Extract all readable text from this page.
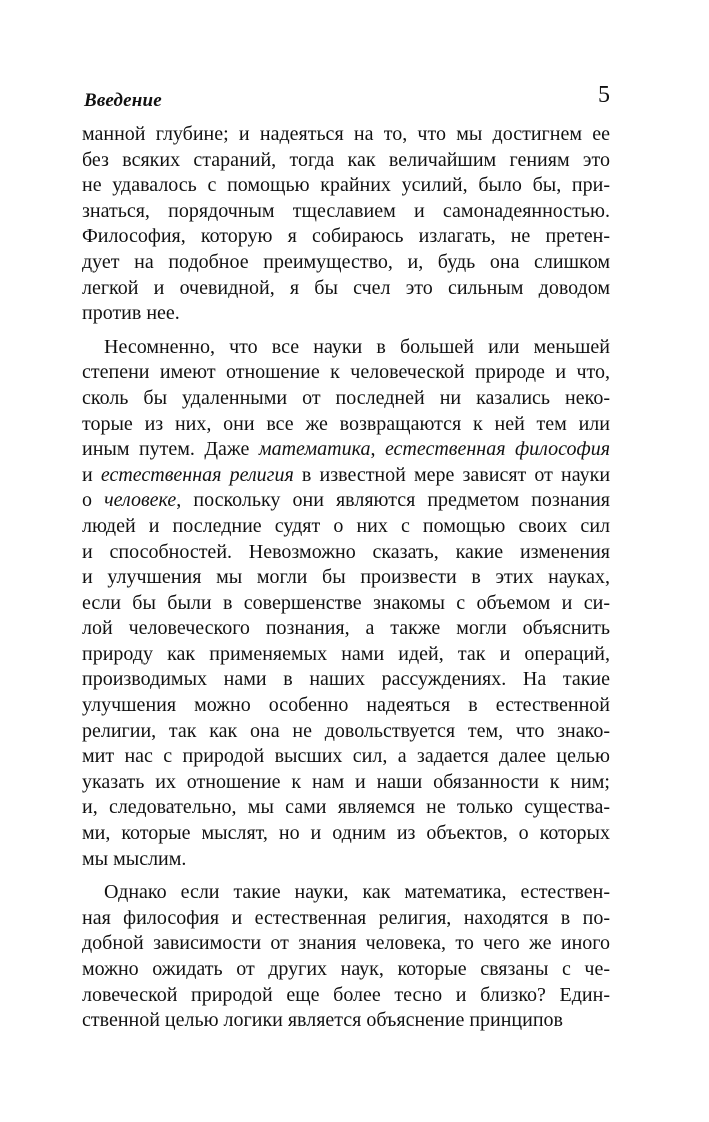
Введение	5
манной глубине; и надеяться на то, что мы достигнем ее
без всяких стараний, тогда как величайшим гениям это
не удавалось с помощью крайних усилий, было бы, при-
знаться, порядочным тщеславием и самонадеянностью.
Философия, которую я собираюсь излагать, не претен-
дует на подобное преимущество, и, будь она слишком
легкой и очевидной, я бы счел это сильным доводом
против нее.
Несомненно, что все науки в большей или меньшей
степени имеют отношение к человеческой природе и что,
сколь бы удаленными от последней ни казались неко-
торые из них, они все же возвращаются к ней тем или
иным путем. Даже математика, естественная философия
и естественная религия в известной мере зависят от науки
о человеке, поскольку они являются предметом познания
людей и последние судят о них с помощью своих сил
и способностей. Невозможно сказать, какие изменения
и улучшения мы могли бы произвести в этих науках,
если бы были в совершенстве знакомы с объемом и си-
лой человеческого познания, а также могли объяснить
природу как применяемых нами идей, так и операций,
производимых нами в наших рассуждениях. На такие
улучшения можно особенно надеяться в естественной
религии, так как она не довольствуется тем, что знако-
мит нас с природой высших сил, а задается далее целью
указать их отношение к нам и наши обязанности к ним;
и, следовательно, мы сами являемся не только существа-
ми, которые мыслят, но и одним из объектов, о которых
мы мыслим.
Однако если такие науки, как математика, естествен-
ная философия и естественная религия, находятся в по-
добной зависимости от знания человека, то чего же иного
можно ожидать от других наук, которые связаны с че-
ловеческой природой еще более тесно и близко? Един-
ственной целью логики является объяснение принципов
